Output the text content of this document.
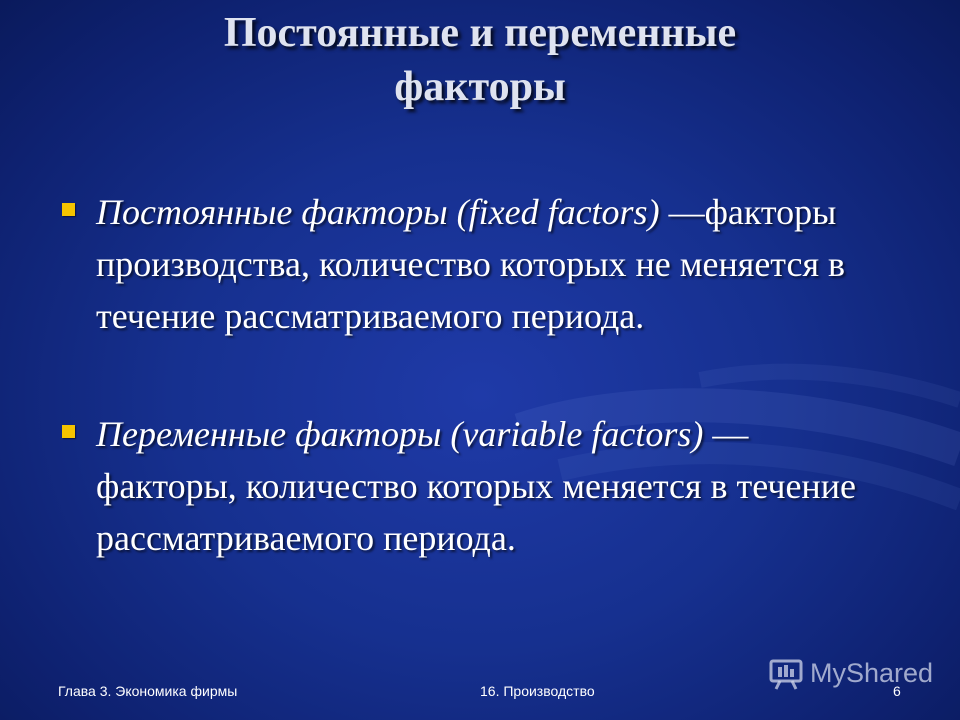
Постоянные и переменные
факторы
Постоянные факторы (fixed factors) —факторы производства, количество которых не меняется в течение рассматриваемого периода.
Переменные факторы (variable factors) — факторы, количество которых меняется в течение рассматриваемого периода.
MyShared
Глава 3. Экономика фирмы	16. Производство	6
